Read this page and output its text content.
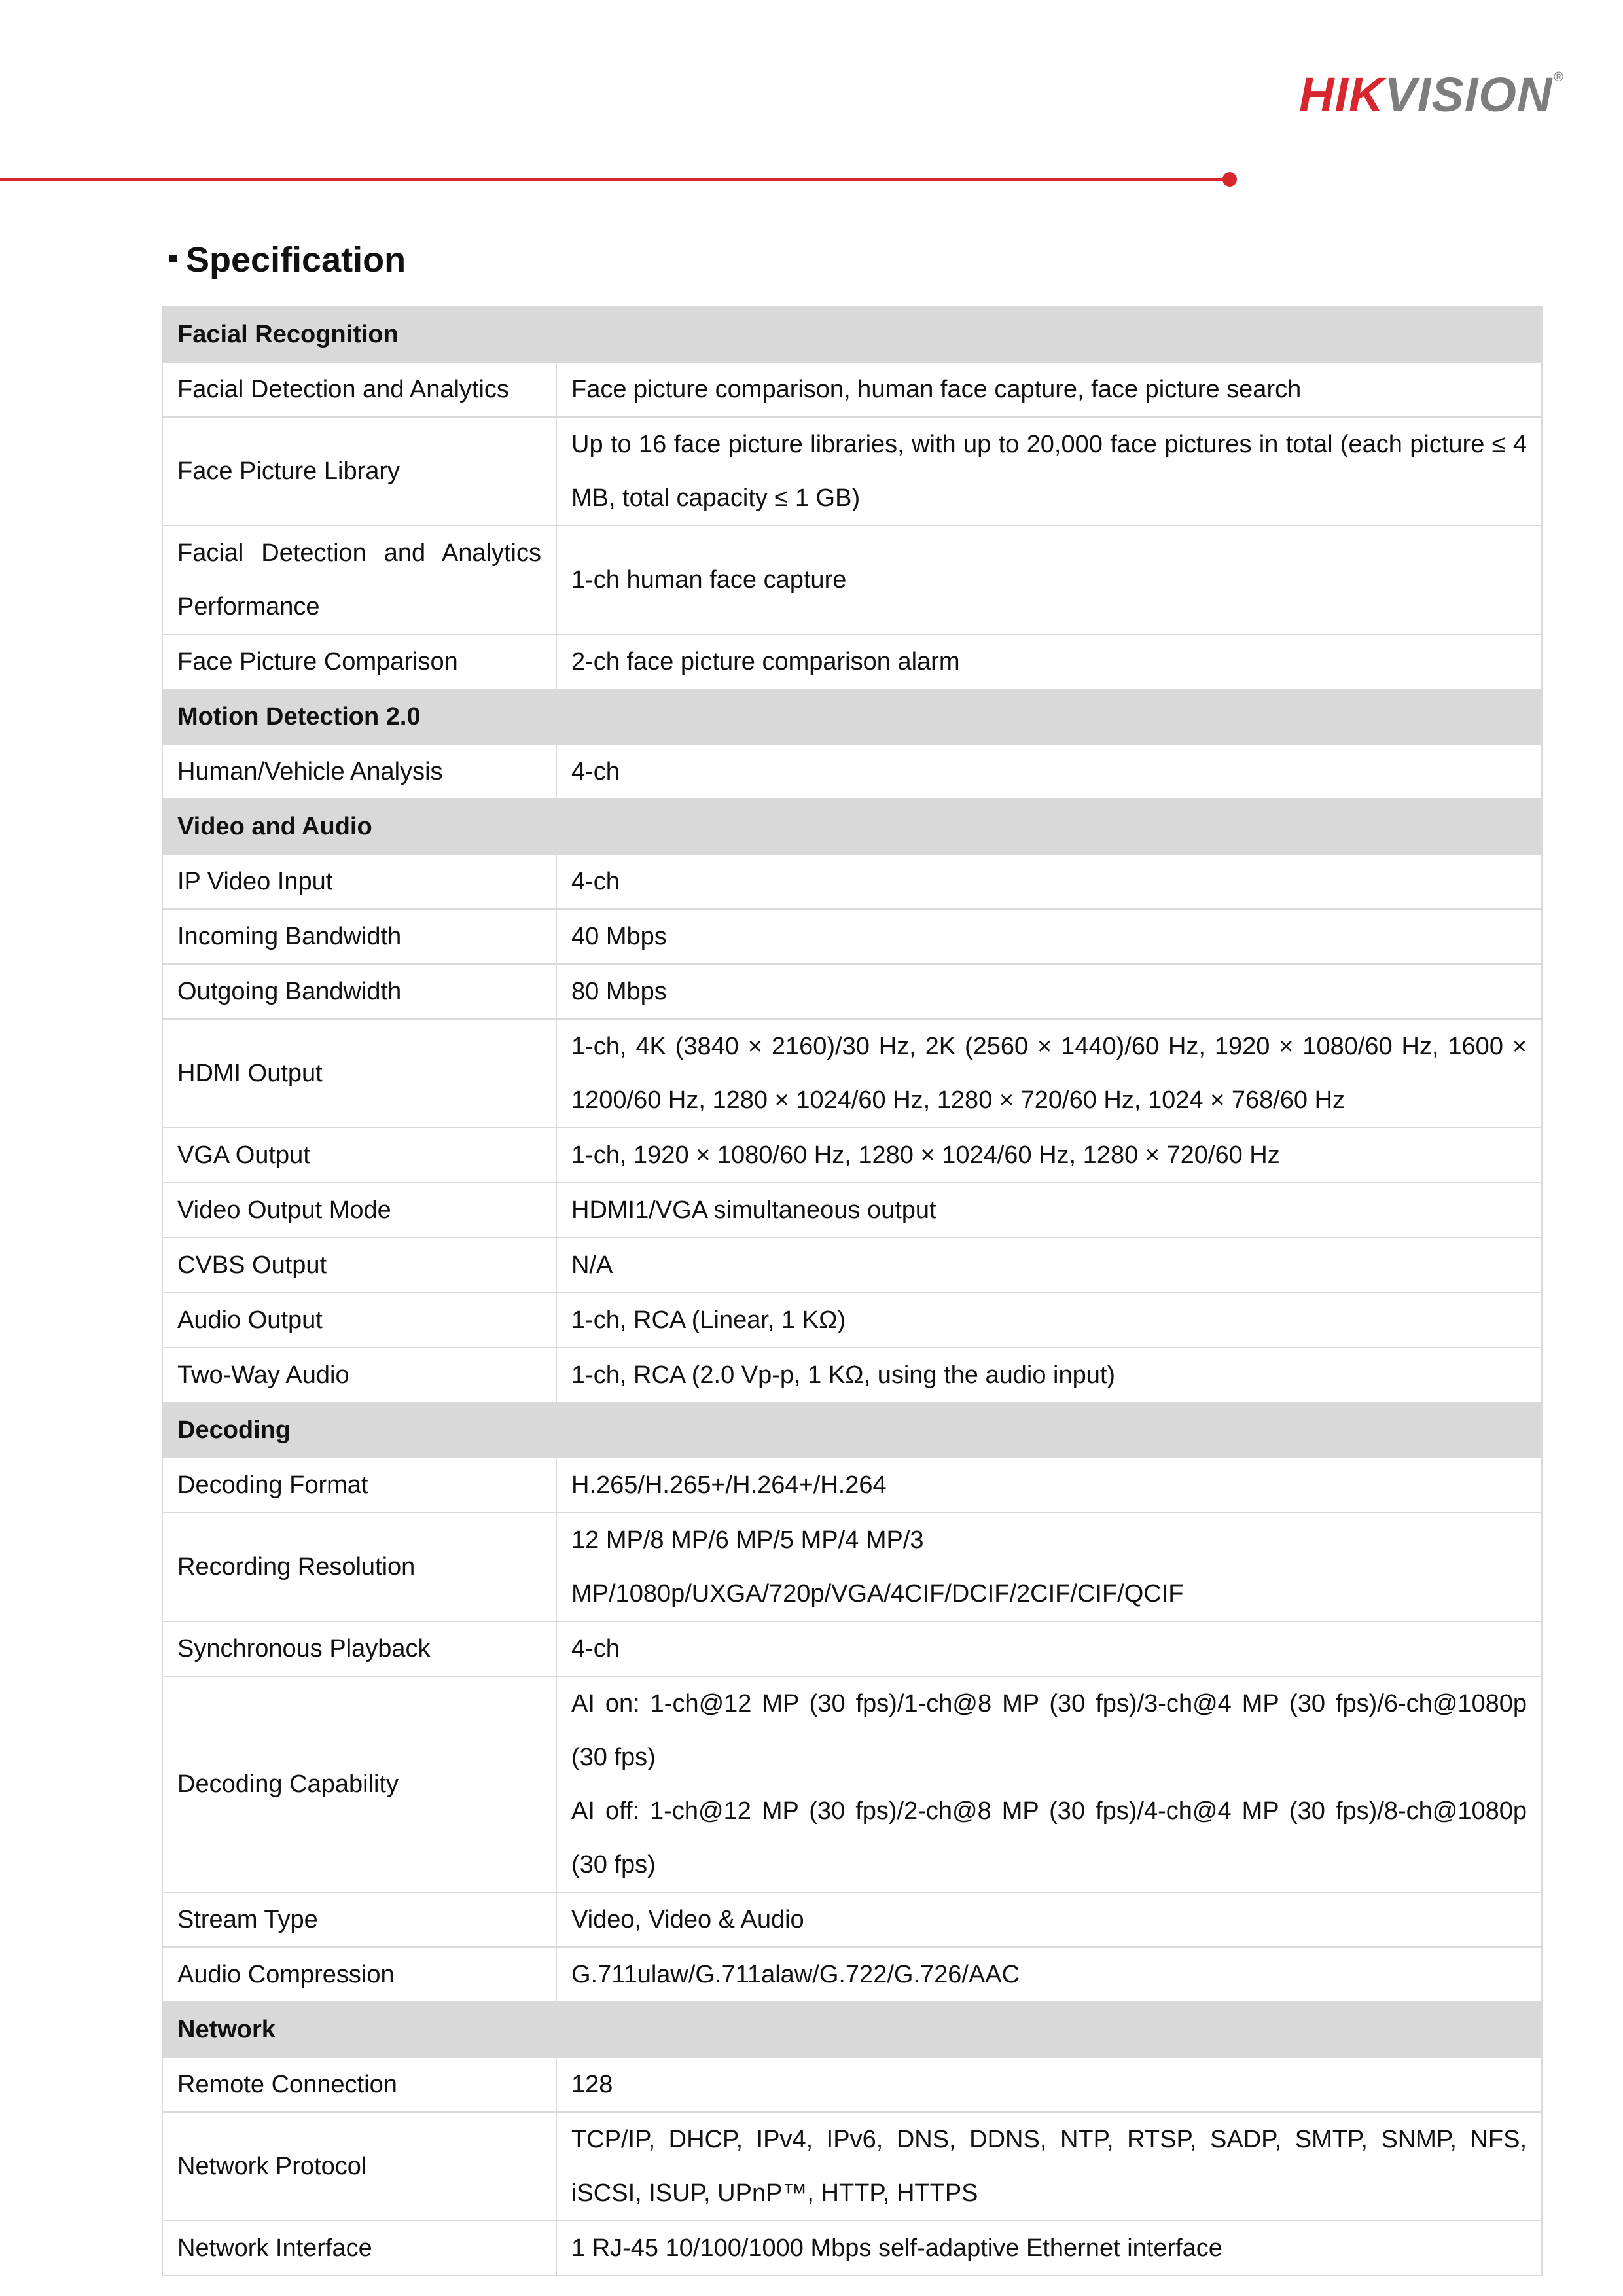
HIKVISION ®
Specification
Facial Recognition	
Facial Detection and Analytics	Face picture comparison, human face capture, face picture search
Face Picture Library	Up to 16 face picture libraries, with up to 20,000 face pictures in total (each picture ≤ 4 MB, total capacity ≤ 1 GB)
Facial Detection and Analytics Performance	1-ch human face capture
Face Picture Comparison	2-ch face picture comparison alarm
Motion Detection 2.0	
Human/Vehicle Analysis	4-ch
Video and Audio	
IP Video Input	4-ch
Incoming Bandwidth	40 Mbps
Outgoing Bandwidth	80 Mbps
HDMI Output	1-ch, 4K (3840 × 2160)/30 Hz, 2K (2560 × 1440)/60 Hz, 1920 × 1080/60 Hz, 1600 × 1200/60 Hz, 1280 × 1024/60 Hz, 1280 × 720/60 Hz, 1024 × 768/60 Hz
VGA Output	1-ch, 1920 × 1080/60 Hz, 1280 × 1024/60 Hz, 1280 × 720/60 Hz
Video Output Mode	HDMI1/VGA simultaneous output
CVBS Output	N/A
Audio Output	1-ch, RCA (Linear, 1 KΩ)
Two-Way Audio	1-ch, RCA (2.0 Vp-p, 1 KΩ, using the audio input)
Decoding	
Decoding Format	H.265/H.265+/H.264+/H.264
Recording Resolution	12 MP/8 MP/6 MP/5 MP/4 MP/3 MP/1080p/UXGA/720p/VGA/4CIF/DCIF/2CIF/CIF/QCIF
Synchronous Playback	4-ch
Decoding Capability	AI on: 1-ch@12 MP (30 fps)/1-ch@8 MP (30 fps)/3-ch@4 MP (30 fps)/6-ch@1080p (30 fps)
AI off: 1-ch@12 MP (30 fps)/2-ch@8 MP (30 fps)/4-ch@4 MP (30 fps)/8-ch@1080p (30 fps)

Stream Type	Video, Video & Audio
Audio Compression	G.711ulaw/G.711alaw/G.722/G.726/AAC
Network	
Remote Connection	128
Network Protocol	TCP/IP, DHCP, IPv4, IPv6, DNS, DDNS, NTP, RTSP, SADP, SMTP, SNMP, NFS, iSCSI, ISUP, UPnP™, HTTP, HTTPS
Network Interface	1 RJ-45 10/100/1000 Mbps self-adaptive Ethernet interface
